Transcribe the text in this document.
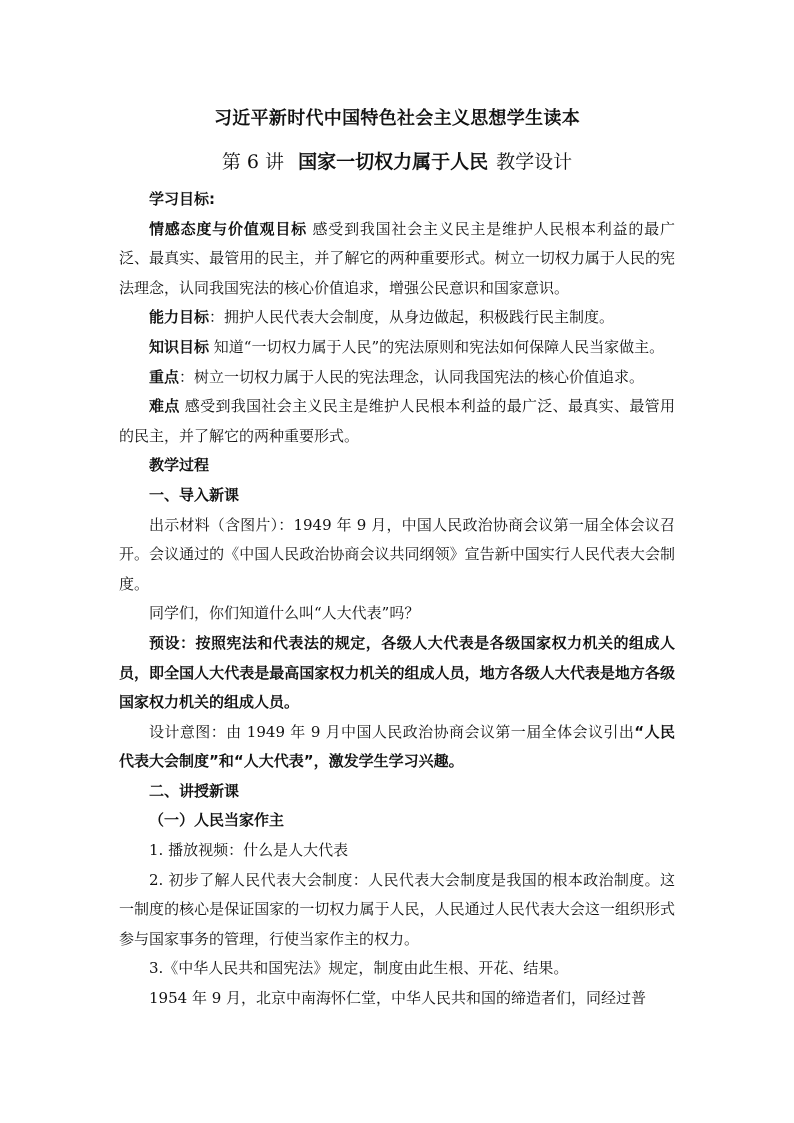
习近平新时代中国特色社会主义思想学生读本
第 6 讲 国家一切权力属于人民 教学设计

学习目标:

情感态度与价值观目标 感受到我国社会主义民主是维护人民根本利益的最广泛、最真实、最管用的民主，并了解它的两种重要形式。树立一切权力属于人民的宪法理念，认同我国宪法的核心价值追求，增强公民意识和国家意识。

能力目标：拥护人民代表大会制度，从身边做起，积极践行民主制度。

知识目标 知道“一切权力属于人民”的宪法原则和宪法如何保障人民当家做主。

重点：树立一切权力属于人民的宪法理念，认同我国宪法的核心价值追求。

难点 感受到我国社会主义民主是维护人民根本利益的最广泛、最真实、最管用的民主，并了解它的两种重要形式。

教学过程

一、导入新课

出示材料（含图片）：1949 年 9 月，中国人民政治协商会议第一届全体会议召开。会议通过的《中国人民政治协商会议共同纲领》宣告新中国实行人民代表大会制度。

同学们，你们知道什么叫“人大代表”吗？

预设：按照宪法和代表法的规定，各级人大代表是各级国家权力机关的组成人员，即全国人大代表是最高国家权力机关的组成人员，地方各级人大代表是地方各级国家权力机关的组成人员。

设计意图：由 1949 年 9 月中国人民政治协商会议第一届全体会议引出“人民代表大会制度”和“人大代表”，激发学生学习兴趣。

二、讲授新课

（一）人民当家作主

1. 播放视频：什么是人大代表

2. 初步了解人民代表大会制度：人民代表大会制度是我国的根本政治制度。这一制度的核心是保证国家的一切权力属于人民，人民通过人民代表大会这一组织形式参与国家事务的管理，行使当家作主的权力。

3.《中华人民共和国宪法》规定，制度由此生根、开花、结果。

1954 年 9 月，北京中南海怀仁堂，中华人民共和国的缔造者们，同经过普
